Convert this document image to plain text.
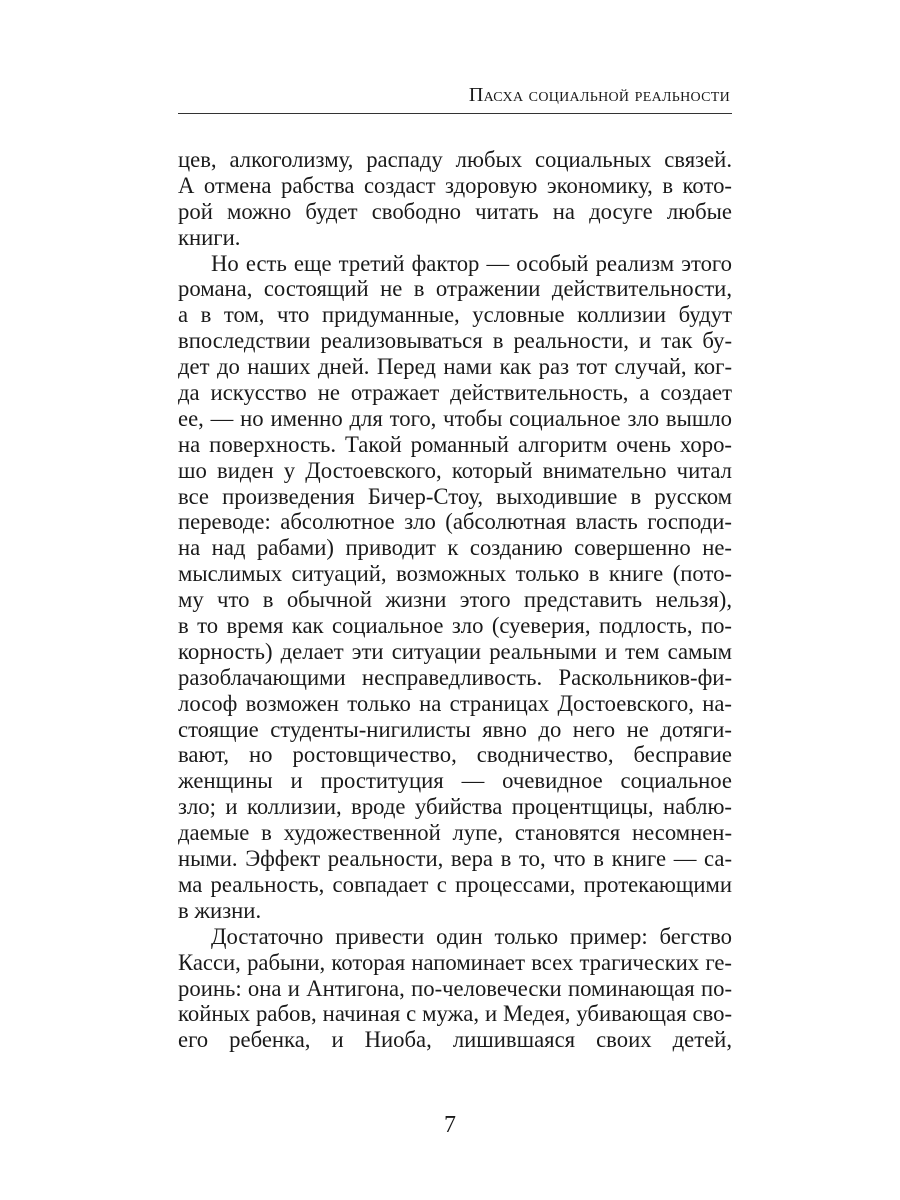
Пасха социальной реальности
цев, алкоголизму, распаду любых социальных связей.
А отмена рабства создаст здоровую экономику, в кото-
рой можно будет свободно читать на досуге любые
книги.
Но есть еще третий фактор — особый реализм этого
романа, состоящий не в отражении действительности,
а в том, что придуманные, условные коллизии будут
впоследствии реализовываться в реальности, и так бу-
дет до наших дней. Перед нами как раз тот случай, ког-
да искусство не отражает действительность, а создает
ее, — но именно для того, чтобы социальное зло вышло
на поверхность. Такой романный алгоритм очень хоро-
шо виден у Достоевского, который внимательно читал
все произведения Бичер-Стоу, выходившие в русском
переводе: абсолютное зло (абсолютная власть господи-
на над рабами) приводит к созданию совершенно не-
мыслимых ситуаций, возможных только в книге (пото-
му что в обычной жизни этого представить нельзя),
в то время как социальное зло (суеверия, подлость, по-
корность) делает эти ситуации реальными и тем самым
разоблачающими несправедливость. Раскольников-фи-
лософ возможен только на страницах Достоевского, на-
стоящие студенты-нигилисты явно до него не дотяги-
вают, но ростовщичество, сводничество, бесправие
женщины и проституция — очевидное социальное
зло; и коллизии, вроде убийства процентщицы, наблю-
даемые в художественной лупе, становятся несомнен-
ными. Эффект реальности, вера в то, что в книге — са-
ма реальность, совпадает с процессами, протекающими
в жизни.
Достаточно привести один только пример: бегство
Касси, рабыни, которая напоминает всех трагических ге-
роинь: она и Антигона, по-человечески поминающая по-
койных рабов, начиная с мужа, и Медея, убивающая сво-
его ребенка, и Ниоба, лишившаяся своих детей,
7
